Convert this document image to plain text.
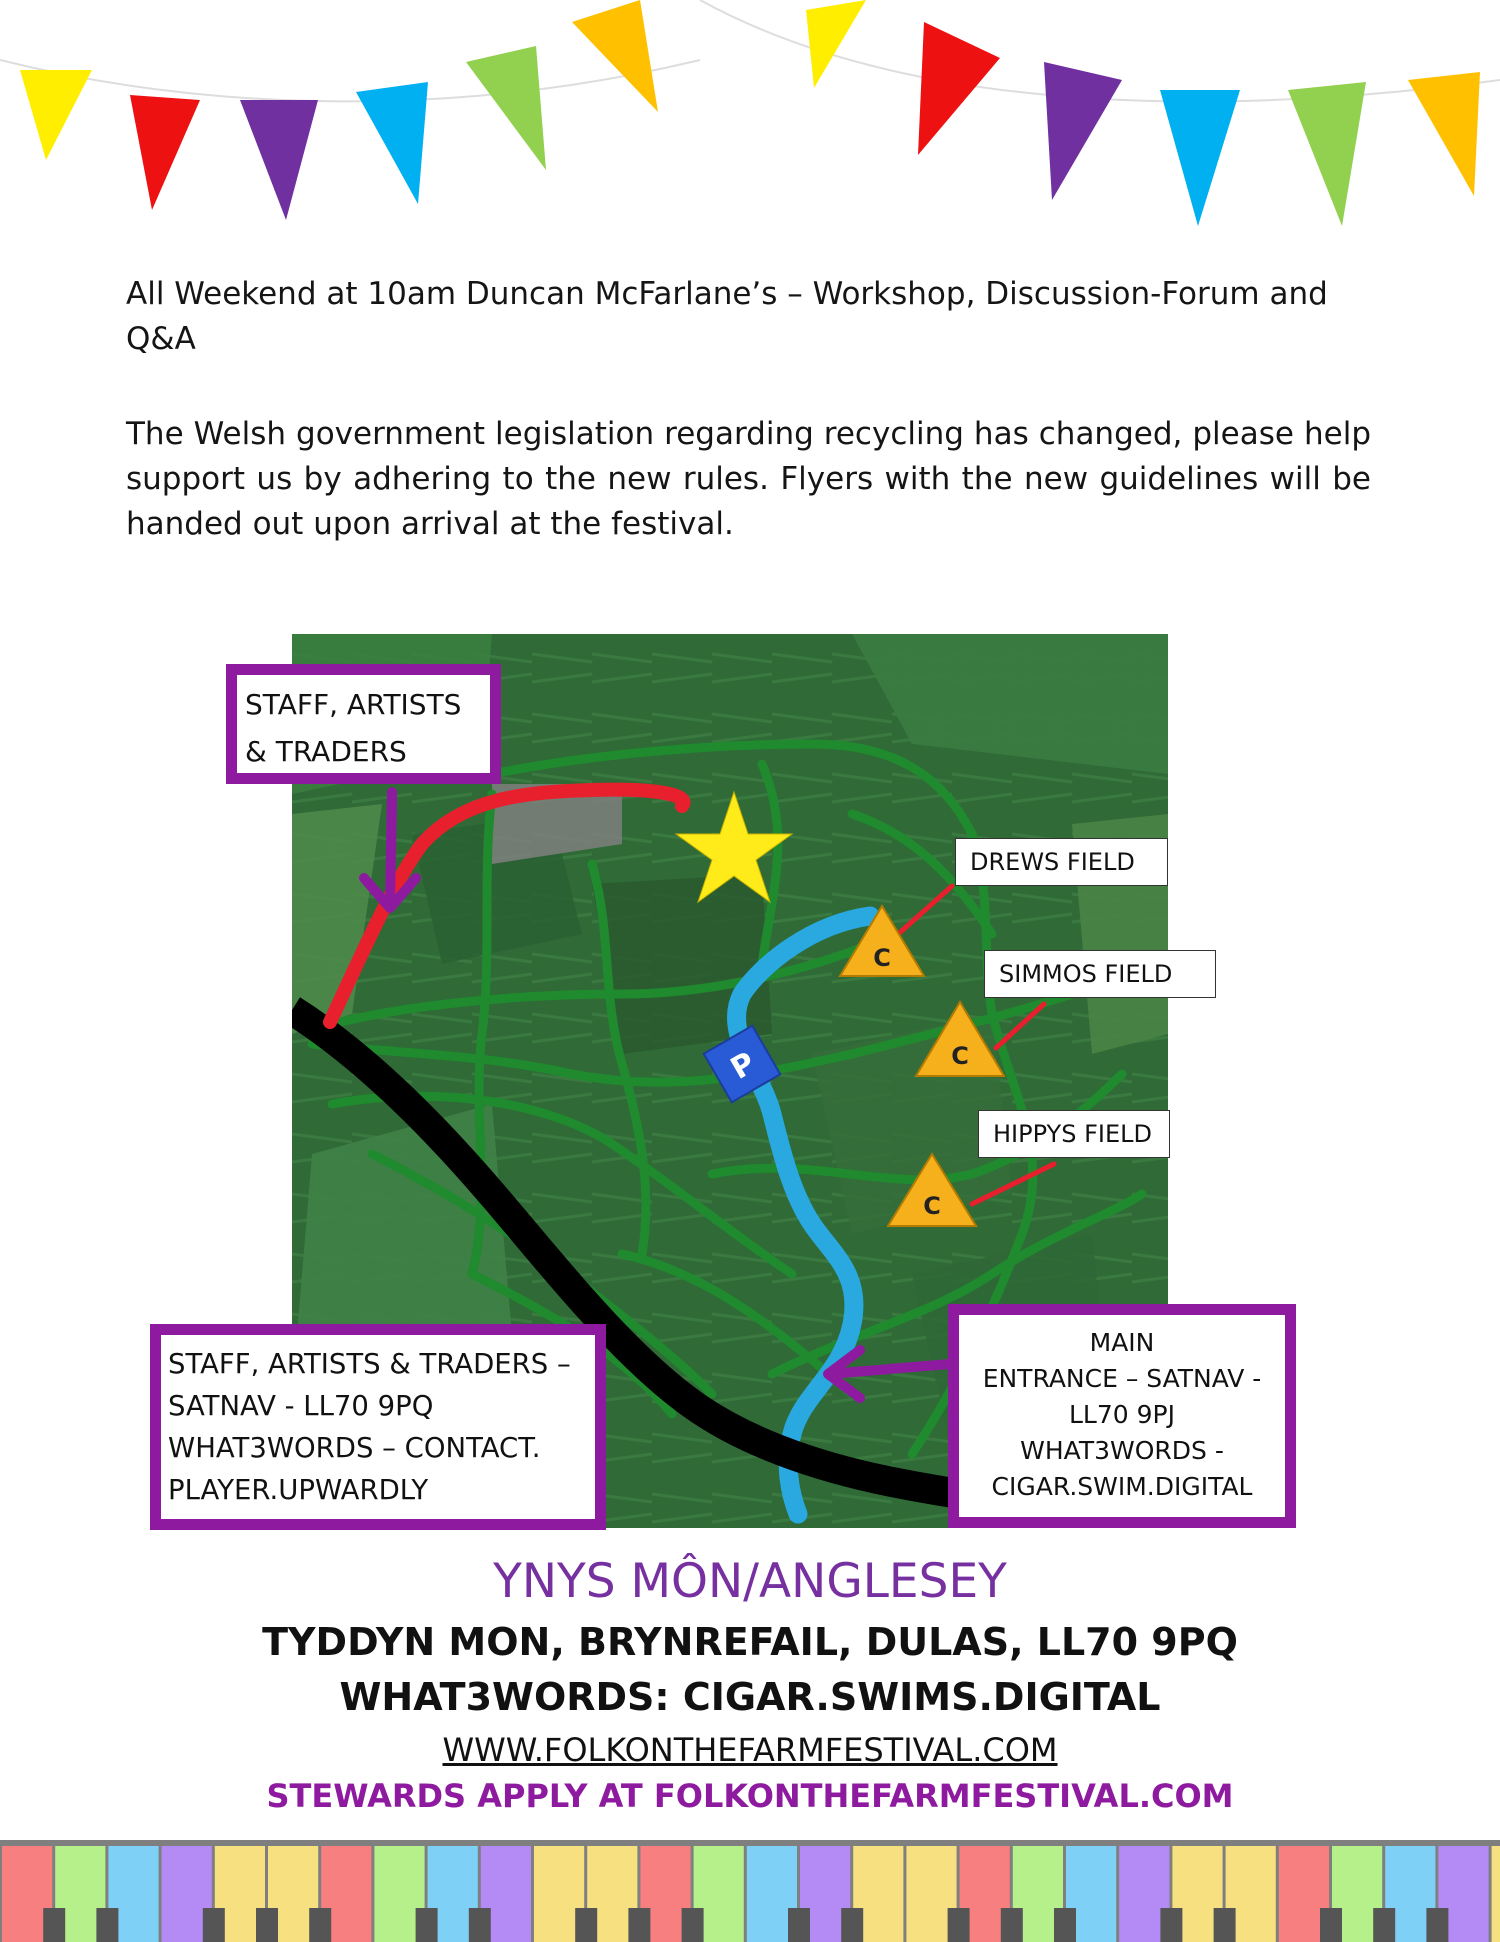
All Weekend at 10am Duncan McFarlane’s – Workshop, Discussion-Forum and Q&A
The Welsh government legislation regarding recycling has changed, please help support us by adhering to the new rules. Flyers with the new guidelines will be handed out upon arrival at the festival.
P
C
C
C
DREWS FIELD
SIMMOS FIELD
HIPPYS FIELD
STAFF, ARTISTS
& TRADERS
STAFF, ARTISTS & TRADERS –
SATNAV - LL70 9PQ
WHAT3WORDS – CONTACT.
PLAYER.UPWARDLY
MAIN
ENTRANCE – SATNAV -
LL70 9PJ
WHAT3WORDS -
CIGAR.SWIM.DIGITAL
YNYS MÔN/ANGLESEY
TYDDYN MON, BRYNREFAIL, DULAS, LL70 9PQ
WHAT3WORDS: CIGAR.SWIMS.DIGITAL
WWW.FOLKONTHEFARMFESTIVAL.COM
STEWARDS APPLY AT FOLKONTHEFARMFESTIVAL.COM
